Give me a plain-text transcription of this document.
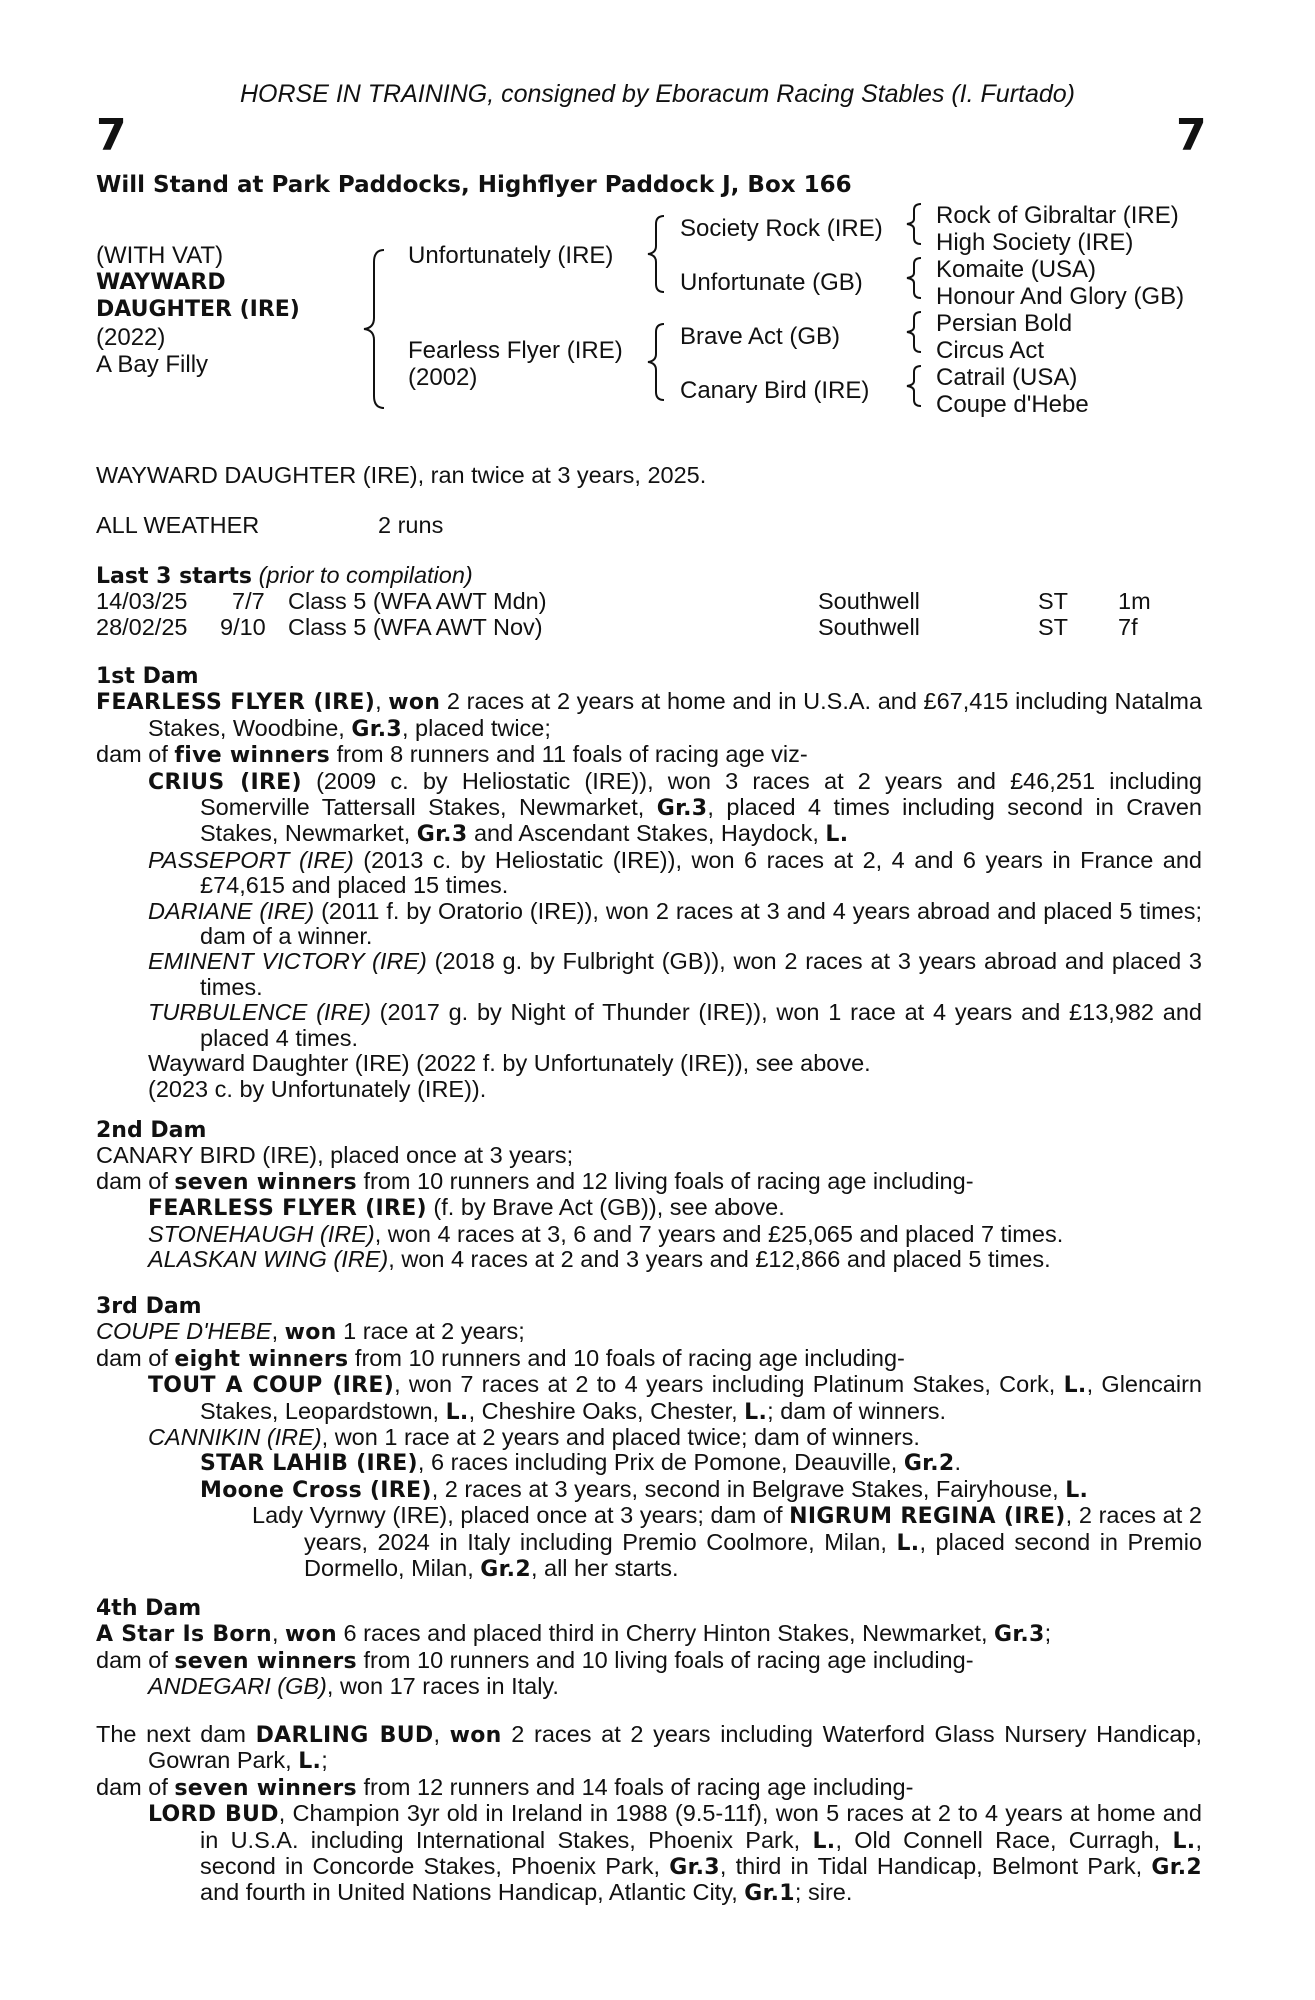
HORSE IN TRAINING, consigned by Eboracum Racing Stables (I. Furtado)
7	7
Will Stand at Park Paddocks, Highflyer Paddock J, Box 166
(WITH VAT)
WAYWARD
DAUGHTER (IRE)
(2022)
A Bay Filly
Unfortunately (IRE)
Fearless Flyer (IRE)
(2002)
Society Rock (IRE)
Unfortunate (GB)
Brave Act (GB)
Canary Bird (IRE)
Rock of Gibraltar (IRE)
High Society (IRE)
Komaite (USA)
Honour And Glory (GB)
Persian Bold
Circus Act
Catrail (USA)
Coupe d'Hebe
WAYWARD DAUGHTER (IRE), ran twice at 3 years, 2025.
ALL WEATHER	2 runs
Last 3 starts (prior to compilation)
14/03/25 7/7 Class 5 (WFA AWT Mdn)	Southwell	ST 1m
28/02/25 9/10 Class 5 (WFA AWT Nov)	Southwell	ST 7f

1st Dam

FEARLESS FLYER (IRE), won 2 races at 2 years at home and in U.S.A. and £67,415 including Natalma Stakes, Woodbine, Gr.3, placed twice;

dam of five winners from 8 runners and 11 foals of racing age viz-

CRIUS (IRE) (2009 c. by Heliostatic (IRE)), won 3 races at 2 years and £46,251 including Somerville Tattersall Stakes, Newmarket, Gr.3, placed 4 times including second in Craven Stakes, Newmarket, Gr.3 and Ascendant Stakes, Haydock, L.

PASSEPORT (IRE) (2013 c. by Heliostatic (IRE)), won 6 races at 2, 4 and 6 years in France and £74,615 and placed 15 times.

DARIANE (IRE) (2011 f. by Oratorio (IRE)), won 2 races at 3 and 4 years abroad and placed 5 times; dam of a winner.

EMINENT VICTORY (IRE) (2018 g. by Fulbright (GB)), won 2 races at 3 years abroad and placed 3 times.

TURBULENCE (IRE) (2017 g. by Night of Thunder (IRE)), won 1 race at 4 years and £13,982 and placed 4 times.

Wayward Daughter (IRE) (2022 f. by Unfortunately (IRE)), see above.

(2023 c. by Unfortunately (IRE)).

2nd Dam

CANARY BIRD (IRE), placed once at 3 years;

dam of seven winners from 10 runners and 12 living foals of racing age including-

FEARLESS FLYER (IRE) (f. by Brave Act (GB)), see above.

STONEHAUGH (IRE), won 4 races at 3, 6 and 7 years and £25,065 and placed 7 times.

ALASKAN WING (IRE), won 4 races at 2 and 3 years and £12,866 and placed 5 times.

3rd Dam

COUPE D'HEBE, won 1 race at 2 years;

dam of eight winners from 10 runners and 10 foals of racing age including-

TOUT A COUP (IRE), won 7 races at 2 to 4 years including Platinum Stakes, Cork, L., Glencairn Stakes, Leopardstown, L., Cheshire Oaks, Chester, L.; dam of winners.

CANNIKIN (IRE), won 1 race at 2 years and placed twice; dam of winners.

STAR LAHIB (IRE), 6 races including Prix de Pomone, Deauville, Gr.2.

Moone Cross (IRE), 2 races at 3 years, second in Belgrave Stakes, Fairyhouse, L.

Lady Vyrnwy (IRE), placed once at 3 years; dam of NIGRUM REGINA (IRE), 2 races at 2 years, 2024 in Italy including Premio Coolmore, Milan, L., placed second in Premio Dormello, Milan, Gr.2, all her starts.

4th Dam

A Star Is Born, won 6 races and placed third in Cherry Hinton Stakes, Newmarket, Gr.3;

dam of seven winners from 10 runners and 10 living foals of racing age including-

ANDEGARI (GB), won 17 races in Italy.

The next dam DARLING BUD, won 2 races at 2 years including Waterford Glass Nursery Handicap, Gowran Park, L.;

dam of seven winners from 12 runners and 14 foals of racing age including-

LORD BUD, Champion 3yr old in Ireland in 1988 (9.5-11f), won 5 races at 2 to 4 years at home and in U.S.A. including International Stakes, Phoenix Park, L., Old Connell Race, Curragh, L., second in Concorde Stakes, Phoenix Park, Gr.3, third in Tidal Handicap, Belmont Park, Gr.2 and fourth in United Nations Handicap, Atlantic City, Gr.1; sire.
